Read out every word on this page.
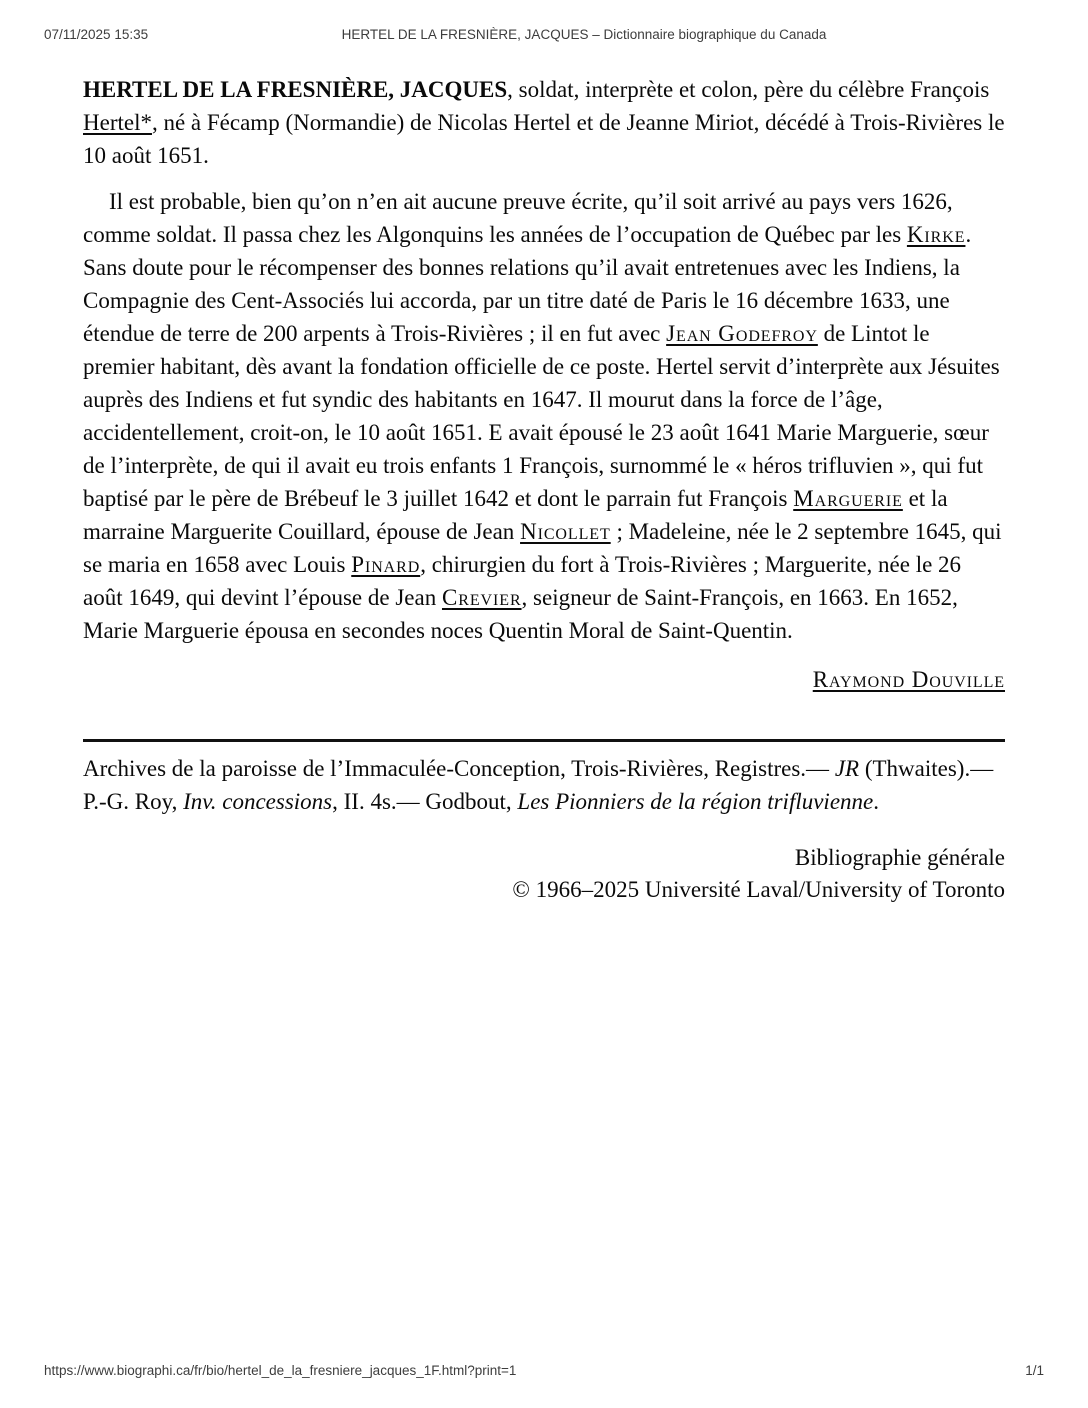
07/11/2025 15:35	HERTEL DE LA FRESNIÈRE, JACQUES – Dictionnaire biographique du Canada

HERTEL DE LA FRESNIÈRE, JACQUES, soldat, interprète et colon, père du célèbre François Hertel*, né à Fécamp (Normandie) de Nicolas Hertel et de Jeanne Miriot, décédé à Trois-Rivières le 10 août 1651.

Il est probable, bien qu’on n’en ait aucune preuve écrite, qu’il soit arrivé au pays vers 1626, comme soldat. Il passa chez les Algonquins les années de l’occupation de Québec par les Kirke. Sans doute pour le récompenser des bonnes relations qu’il avait entretenues avec les Indiens, la Compagnie des Cent-Associés lui accorda, par un titre daté de Paris le 16 décembre 1633, une étendue de terre de 200 arpents à Trois-Rivières ; il en fut avec Jean Godefroy de Lintot le premier habitant, dès avant la fondation officielle de ce poste. Hertel servit d’interprète aux Jésuites auprès des Indiens et fut syndic des habitants en 1647. Il mourut dans la force de l’âge, accidentellement, croit-on, le 10 août 1651. E avait épousé le 23 août 1641 Marie Marguerie, sœur de l’interprète, de qui il avait eu trois enfants 1 François, surnommé le « héros trifluvien », qui fut baptisé par le père de Brébeuf le 3 juillet 1642 et dont le parrain fut François Marguerie et la marraine Marguerite Couillard, épouse de Jean Nicollet ; Madeleine, née le 2 septembre 1645, qui se maria en 1658 avec Louis Pinard, chirurgien du fort à Trois-Rivières ; Marguerite, née le 26 août 1649, qui devint l’épouse de Jean Crevier, seigneur de Saint-François, en 1663. En 1652, Marie Marguerie épousa en secondes noces Quentin Moral de Saint-Quentin.

Raymond Douville

Archives de la paroisse de l’Immaculée-Conception, Trois-Rivières, Registres.— JR (Thwaites).— P.-G. Roy, Inv. concessions, II. 4s.— Godbout, Les Pionniers de la région trifluvienne.

Bibliographie générale
© 1966–2025 Université Laval/University of Toronto
https://www.biographi.ca/fr/bio/hertel_de_la_fresniere_jacques_1F.html?print=1	1/1
